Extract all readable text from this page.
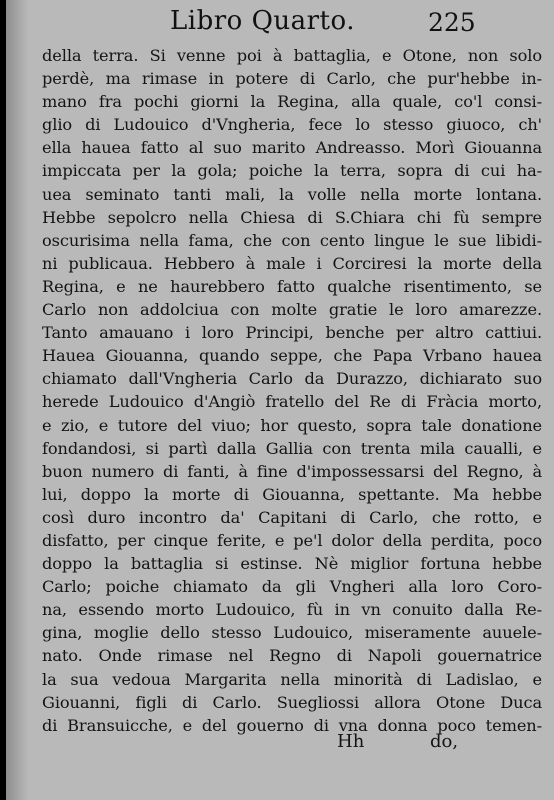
Libro Quarto.	225
della terra. Si venne poi à battaglia, e Otone, non solo
perdè, ma rimase in potere di Carlo, che pur'hebbe in-
mano fra pochi giorni la Regina, alla quale, co'l consi-
glio di Ludouico d'Vngheria, fece lo stesso giuoco, ch'
ella hauea fatto al suo marito Andreasso. Morì Giouanna
impiccata per la gola; poiche la terra, sopra di cui ha-
uea seminato tanti mali, la volle nella morte lontana.
Hebbe sepolcro nella Chiesa di S.Chiara chi fù sempre
oscurisima nella fama, che con cento lingue le sue libidi-
ni publicaua. Hebbero à male i Corciresi la morte della
Regina, e ne haurebbero fatto qualche risentimento, se
Carlo non addolciua con molte gratie le loro amarezze.
Tanto amauano i loro Principi, benche per altro cattiui.
Hauea Giouanna, quando seppe, che Papa Vrbano hauea
chiamato dall'Vngheria Carlo da Durazzo, dichiarato suo
herede Ludouico d'Angiò fratello del Re di Fràcia morto,
e zio, e tutore del viuo; hor questo, sopra tale donatione
fondandosi, si partì dalla Gallia con trenta mila caualli, e
buon numero di fanti, à fine d'impossessarsi del Regno, à
lui, doppo la morte di Giouanna, spettante. Ma hebbe
così duro incontro da' Capitani di Carlo, che rotto, e
disfatto, per cinque ferite, e pe'l dolor della perdita, poco
doppo la battaglia si estinse. Nè miglior fortuna hebbe
Carlo; poiche chiamato da gli Vngheri alla loro Coro-
na, essendo morto Ludouico, fù in vn conuito dalla Re-
gina, moglie dello stesso Ludouico, miseramente auuele-
nato. Onde rimase nel Regno di Napoli gouernatrice
la sua vedoua Margarita nella minorità di Ladislao, e
Giouanni, figli di Carlo. Suegliossi allora Otone Duca
di Bransuicche, e del gouerno di vna donna poco temen-
Hh	do,
